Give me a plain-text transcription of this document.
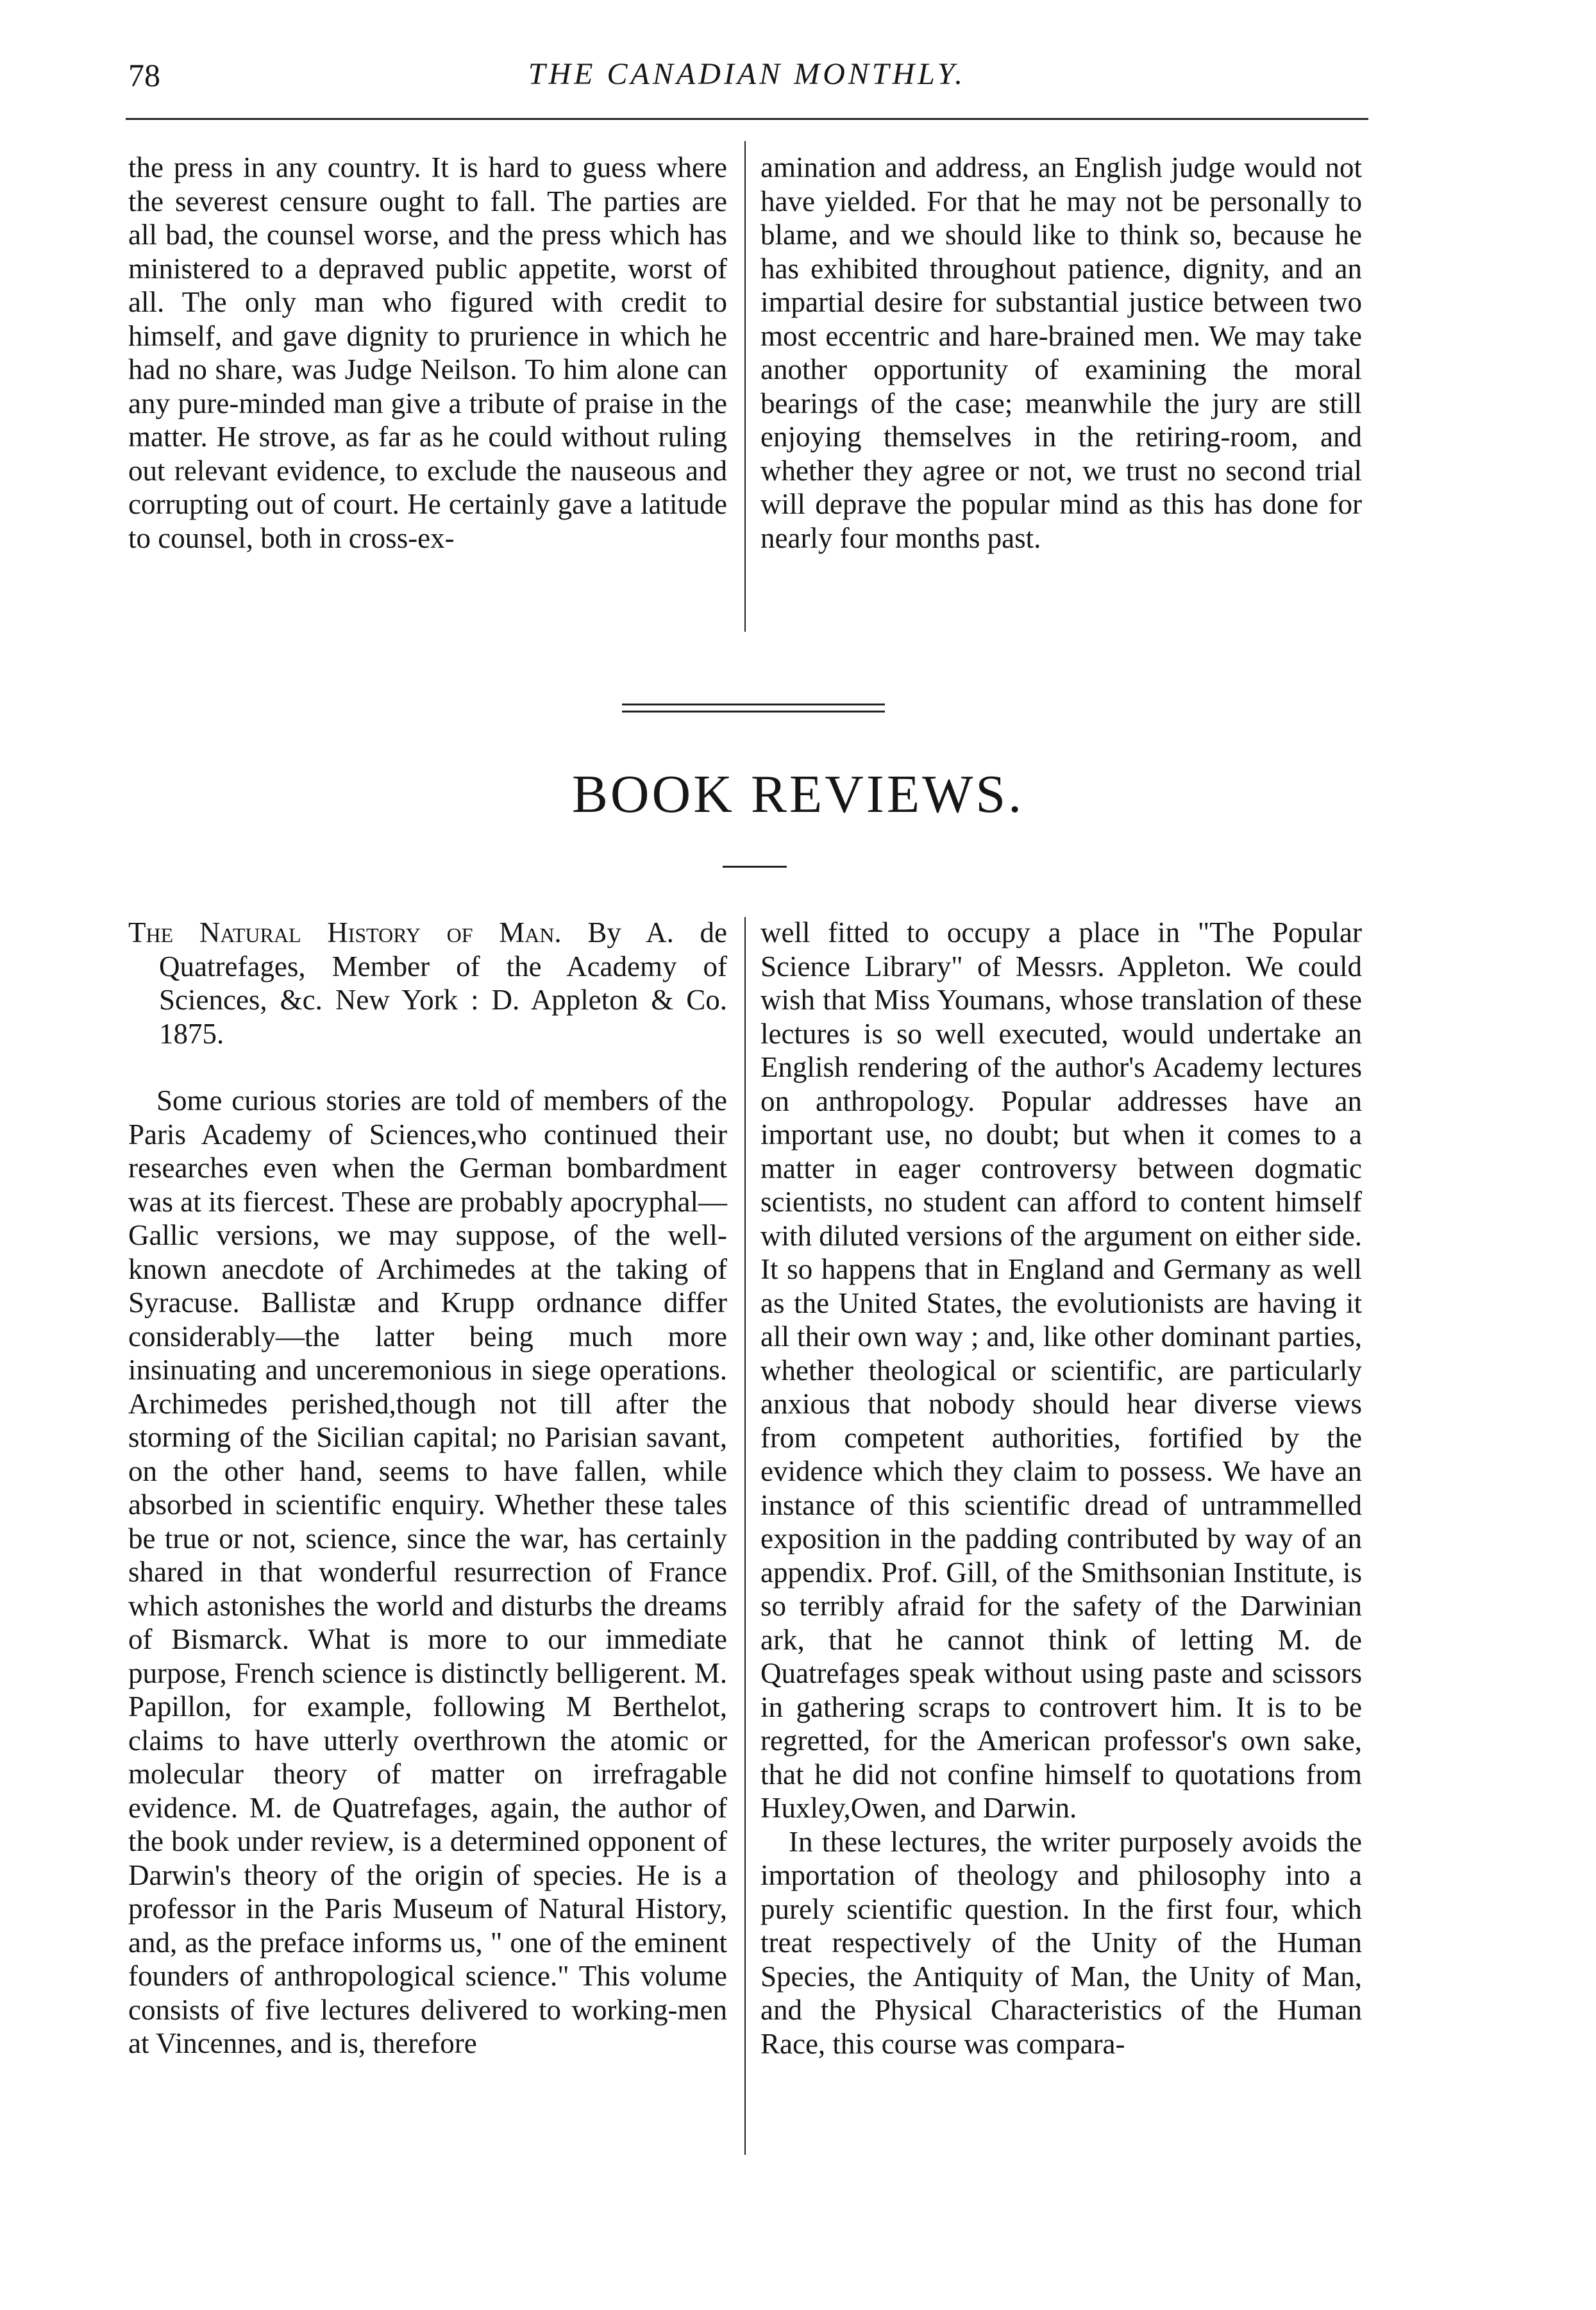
78	THE CANADIAN MONTHLY.

the press in any country. It is hard to guess where the severest censure ought to fall. The parties are all bad, the counsel worse, and the press which has ministered to a depraved public appetite, worst of all. The only man who figured with credit to himself, and gave dignity to prurience in which he had no share, was Judge Neilson. To him alone can any pure-minded man give a tribute of praise in the matter. He strove, as far as he could without ruling out relevant evidence, to exclude the nauseous and corrupting out of court. He certainly gave a latitude to counsel, both in cross-ex-

amination and address, an English judge would not have yielded. For that he may not be personally to blame, and we should like to think so, because he has exhibited throughout patience, dignity, and an impartial desire for substantial justice between two most eccentric and hare-brained men. We may take another opportunity of examining the moral bearings of the case; meanwhile the jury are still enjoying themselves in the retiring-room, and whether they agree or not, we trust no second trial will deprave the popular mind as this has done for nearly four months past.

BOOK REVIEWS.

The Natural History of Man. By A. de Quatrefages, Member of the Academy of Sciences, &c. New York : D. Appleton & Co. 1875.

Some curious stories are told of members of the Paris Academy of Sciences,who continued their researches even when the German bombardment was at its fiercest. These are probably apocryphal—Gallic versions, we may suppose, of the well-known anecdote of Archimedes at the taking of Syracuse. Ballistæ and Krupp ordnance differ considerably—the latter being much more insinuating and unceremonious in siege operations. Archimedes perished,though not till after the storming of the Sicilian capital; no Parisian savant, on the other hand, seems to have fallen, while absorbed in scientific enquiry. Whether these tales be true or not, science, since the war, has certainly shared in that wonderful resurrection of France which astonishes the world and disturbs the dreams of Bismarck. What is more to our immediate purpose, French science is distinctly belligerent. M. Papillon, for example, following M Berthelot, claims to have utterly overthrown the atomic or molecular theory of matter on irrefragable evidence. M. de Quatrefages, again, the author of the book under review, is a determined opponent of Darwin's theory of the origin of species. He is a professor in the Paris Museum of Natural History, and, as the preface informs us, " one of the eminent founders of anthropological science." This volume consists of five lectures delivered to working-men at Vincennes, and is, therefore

well fitted to occupy a place in "The Popular Science Library" of Messrs. Appleton. We could wish that Miss Youmans, whose translation of these lectures is so well executed, would undertake an English rendering of the author's Academy lectures on anthropology. Popular addresses have an important use, no doubt; but when it comes to a matter in eager controversy between dogmatic scientists, no student can afford to content himself with diluted versions of the argument on either side. It so happens that in England and Germany as well as the United States, the evolutionists are having it all their own way ; and, like other dominant parties, whether theological or scientific, are particularly anxious that nobody should hear diverse views from competent authorities, fortified by the evidence which they claim to possess. We have an instance of this scientific dread of untrammelled exposition in the padding contributed by way of an appendix. Prof. Gill, of the Smithsonian Institute, is so terribly afraid for the safety of the Darwinian ark, that he cannot think of letting M. de Quatrefages speak without using paste and scissors in gathering scraps to controvert him. It is to be regretted, for the American professor's own sake, that he did not confine himself to quotations from Huxley,Owen, and Darwin.

In these lectures, the writer purposely avoids the importation of theology and philosophy into a purely scientific question. In the first four, which treat respectively of the Unity of the Human Species, the Antiquity of Man, the Unity of Man, and the Physical Characteristics of the Human Race, this course was compara-
